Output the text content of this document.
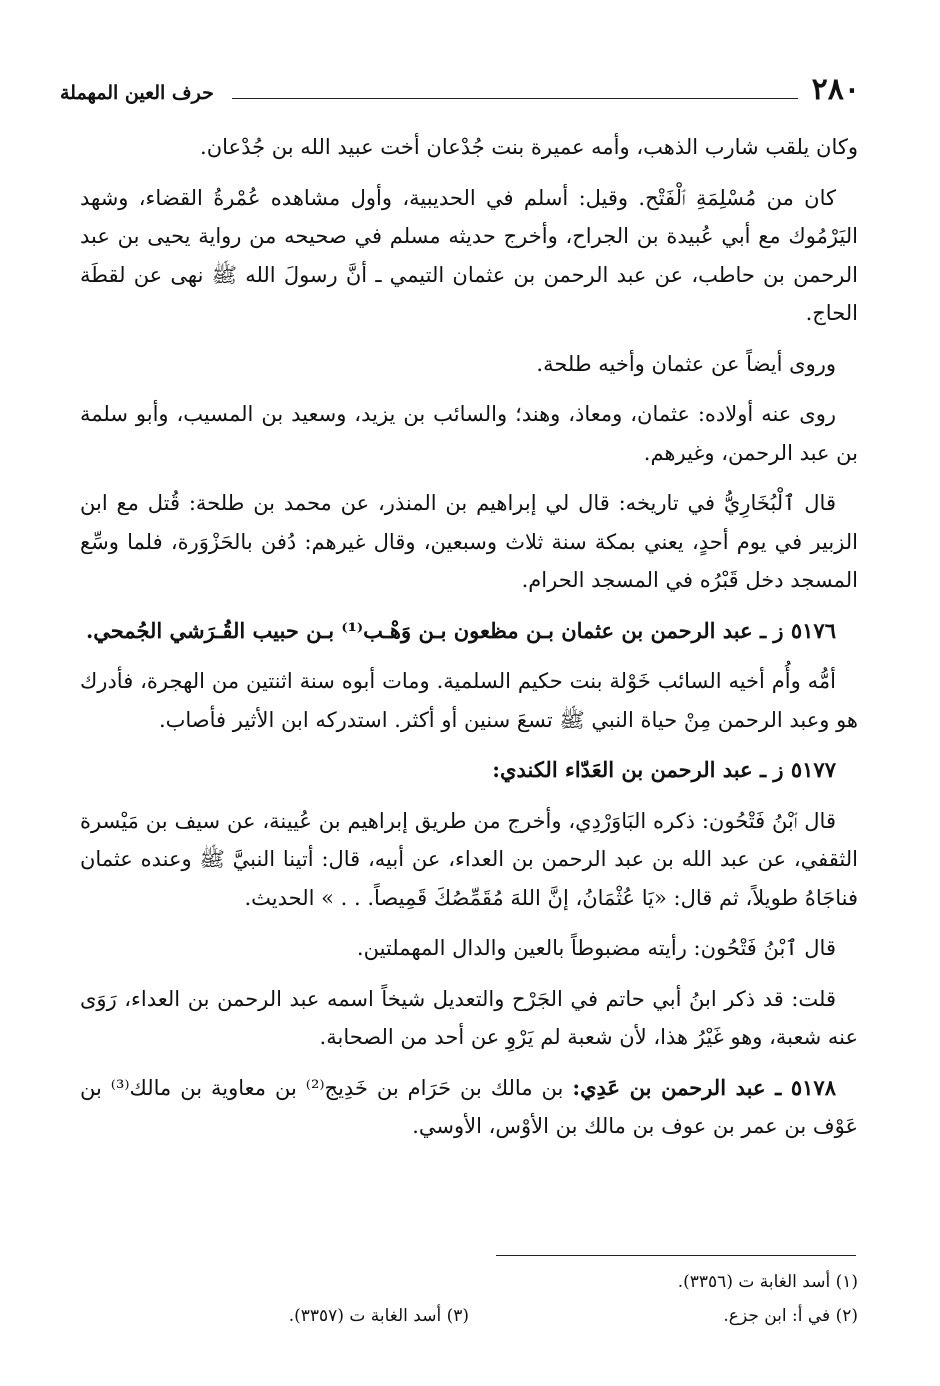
٢٨٠
حرف العين المهملة

وكان يلقب شارب الذهب، وأمه عميرة بنت جُدْعان أخت عبيد الله بن جُدْعان.

كان من مُسْلِمَةِ ٱلْفَتْح. وقيل: أسلم في الحديبية، وأول مشاهده عُمْرةُ القضاء، وشهد اليَرْمُوك مع أبي عُبيدة بن الجراح، وأخرج حديثه مسلم في صحيحه من رواية يحيى بن عبد الرحمن بن حاطب، عن عبد الرحمن بن عثمان التيمي ـ أنَّ رسولَ الله ﷺ نهى عن لقطَة الحاج.

وروى أيضاً عن عثمان وأخيه طلحة.

روى عنه أولاده: عثمان، ومعاذ، وهند؛ والسائب بن يزيد، وسعيد بن المسيب، وأبو سلمة بن عبد الرحمن، وغيرهم.

قال ٱلْبُخَارِيُّ في تاريخه: قال لي إبراهيم بن المنذر، عن محمد بن طلحة: قُتل مع ابن الزبير في يوم أحدٍ، يعني بمكة سنة ثلاث وسبعين، وقال غيرهم: دُفن بالحَزْوَرة، فلما وسِّع المسجد دخل قَبْرُه في المسجد الحرام.

٥١٧٦ ز ـ عبد الرحمن بن عثمان بـن مظعون بـن وَهْـب⁽¹⁾ بـن حبيب القُـرَشي الجُمحي.

أمُّه وأُم أخيه السائب خَوْلة بنت حكيم السلمية. ومات أبوه سنة اثنتين من الهجرة، فأدرك هو وعبد الرحمن مِنْ حياة النبي ﷺ تسعَ سنين أو أكثر. استدركه ابن الأثير فأصاب.

٥١٧٧ ز ـ عبد الرحمن بن العَدّاء الكندي:

قال ٱبْنُ فَتْحُون: ذكره البَاوَرْدِي، وأخرج من طريق إبراهيم بن عُيينة، عن سيف بن مَيْسرة الثقفي، عن عبد الله بن عبد الرحمن بن العداء، عن أبيه، قال: أتينا النبيَّ ﷺ وعنده عثمان فناجَاهُ طويلاً، ثم قال: «يَا عُثْمَانُ، إنَّ اللهَ مُقَمِّصُكَ قَمِيصاً. . . » الحديث.

قال ٱبْنُ فَتْحُون: رأيته مضبوطاً بالعين والدال المهملتين.

قلت: قد ذكر ابنُ أبي حاتم في الجَرْح والتعديل شيخاً اسمه عبد الرحمن بن العداء، رَوَى عنه شعبة، وهو غَيْرُ هذا، لأن شعبة لم يَرْوِ عن أحد من الصحابة.

٥١٧٨ ـ عبد الرحمن بن عَدِي: بن مالك بن حَرَام بن خَدِيج⁽²⁾ بن معاوية بن مالك⁽³⁾ بن عَوْف بن عمر بن عوف بن مالك بن الأوْس، الأوسي.

(١) أسد الغابة ت (٣٣٥٦).
(٢) في أ: ابن جزع.
(٣) أسد الغابة ت (٣٣٥٧).
